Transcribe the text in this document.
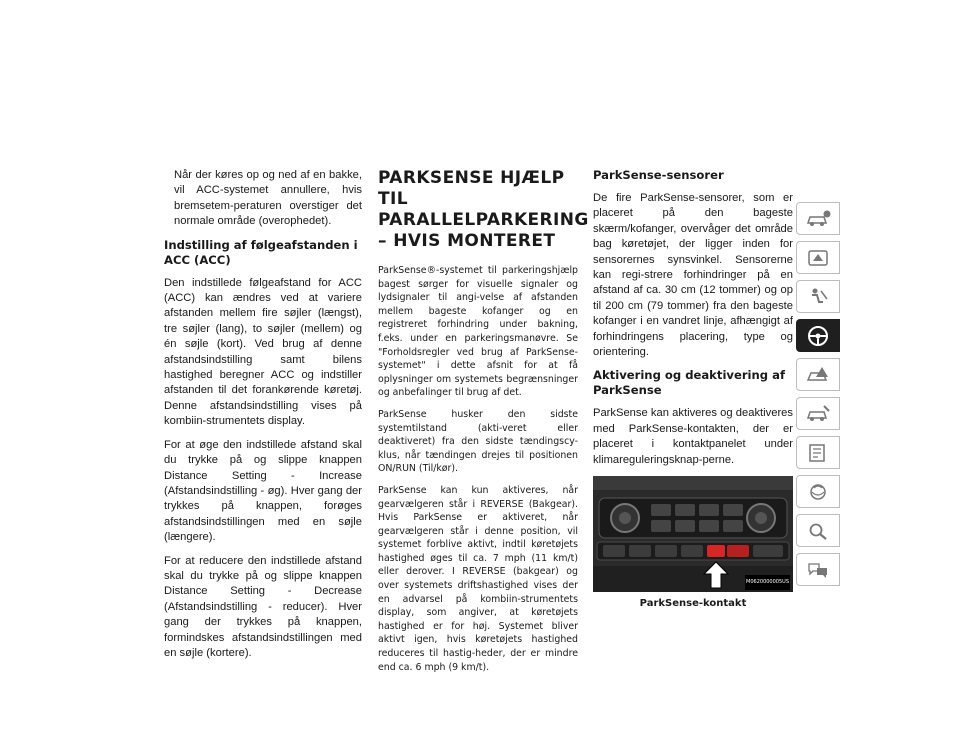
Når der køres op og ned af en bakke, vil ACC-systemet annullere, hvis bremsetem-peraturen overstiger det normale område (overophedet).

Indstilling af følgeafstanden i ACC (ACC)

Den indstillede følgeafstand for ACC (ACC) kan ændres ved at variere afstanden mellem fire søjler (længst), tre søjler (lang), to søjler (mellem) og én søjle (kort). Ved brug af denne afstandsindstilling samt bilens hastighed beregner ACC og indstiller afstanden til det forankørende køretøj. Denne afstandsindstilling vises på kombiin-strumentets display.

For at øge den indstillede afstand skal du trykke på og slippe knappen Distance Setting - Increase (Afstandsindstilling - øg). Hver gang der trykkes på knappen, forøges afstandsindstillingen med en søjle (længere).

For at reducere den indstillede afstand skal du trykke på og slippe knappen Distance Setting - Decrease (Afstandsindstilling - reducer). Hver gang der trykkes på knappen, formindskes afstandsindstillingen med en søjle (kortere).

PARKSENSE HJÆLP TIL PARALLELPARKERING – HVIS MONTERET

ParkSense®-systemet til parkeringshjælp bagest sørger for visuelle signaler og lydsignaler til angi-velse af afstanden mellem bageste kofanger og en registreret forhindring under bakning, f.eks. under en parkeringsmanøvre. Se "Forholdsregler ved brug af ParkSense-systemet" i dette afsnit for at få oplysninger om systemets begrænsninger og anbefalinger til brug af det.

ParkSense husker den sidste systemtilstand (akti-veret eller deaktiveret) fra den sidste tændingscy-klus, når tændingen drejes til positionen ON/RUN (Til/kør).

ParkSense kan kun aktiveres, når gearvælgeren står i REVERSE (Bakgear). Hvis ParkSense er aktiveret, når gearvælgeren står i denne position, vil systemet forblive aktivt, indtil køretøjets hastighed øges til ca. 7 mph (11 km/t) eller derover. I REVERSE (bakgear) og over systemets driftshastighed vises der en advarsel på kombiin-strumentets display, som angiver, at køretøjets hastighed er for høj. Systemet bliver aktivt igen, hvis køretøjets hastighed reduceres til hastig-heder, der er mindre end ca. 6 mph (9 km/t).

ParkSense-sensorer

De fire ParkSense-sensorer, som er placeret på den bageste skærm/kofanger, overvåger det område bag køretøjet, der ligger inden for sensorernes synsvinkel. Sensorerne kan regi-strere forhindringer på en afstand af ca. 30 cm (12 tommer) og op til 200 cm (79 tommer) fra den bageste kofanger i en vandret linje, afhængigt af forhindringens placering, type og orientering.

Aktivering og deaktivering af ParkSense

ParkSense kan aktiveres og deaktiveres med ParkSense-kontakten, der er placeret i kontaktpanelet under klimareguleringsknap-perne.

M0620000005US
ParkSense-kontakt
